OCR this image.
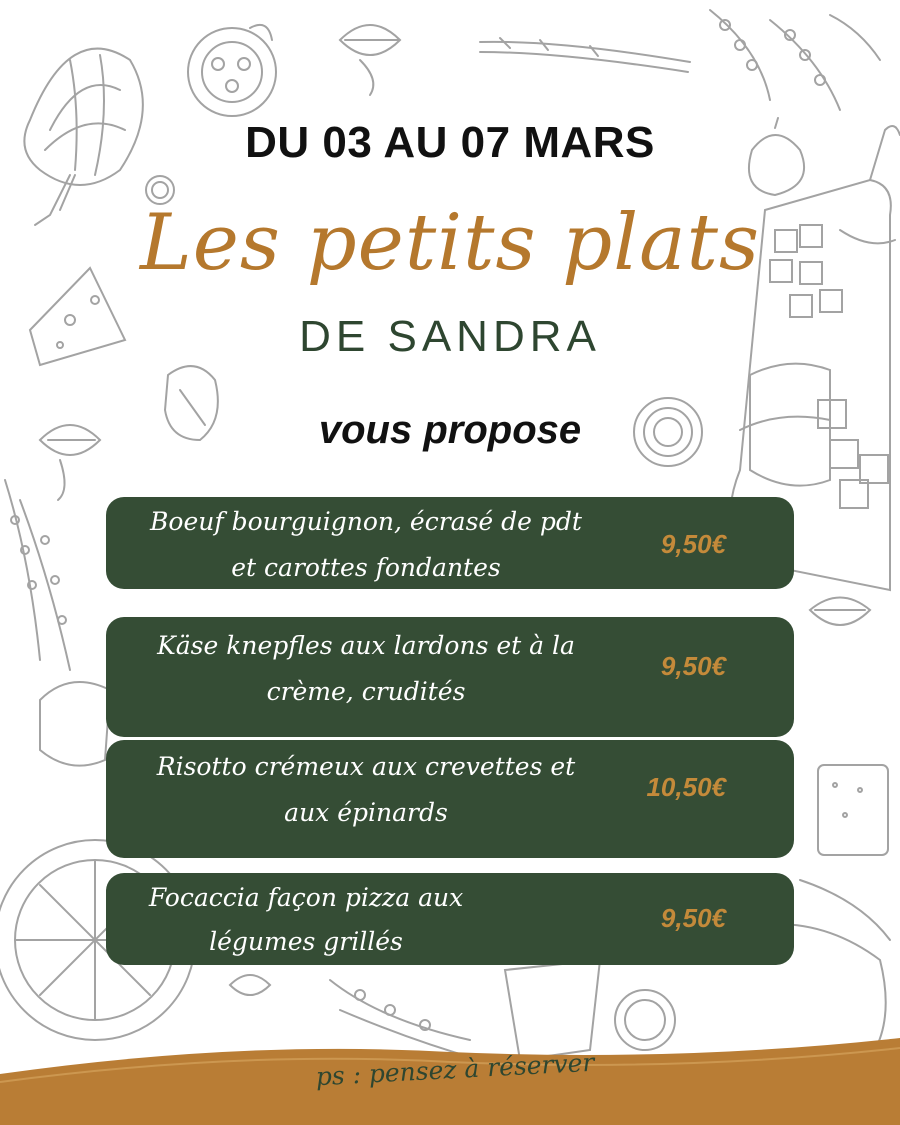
DU 03 AU 07 MARS
Les petits plats
DE SANDRA
vous propose
Boeuf bourguignon, écrasé de pdt
et carottes fondantes
9,50€
Käse knepfles aux lardons et à la
crème, crudités
9,50€
Risotto crémeux aux crevettes et
aux épinards
10,50€
Focaccia façon pizza aux
légumes grillés
9,50€
ps : pensez à réserver
